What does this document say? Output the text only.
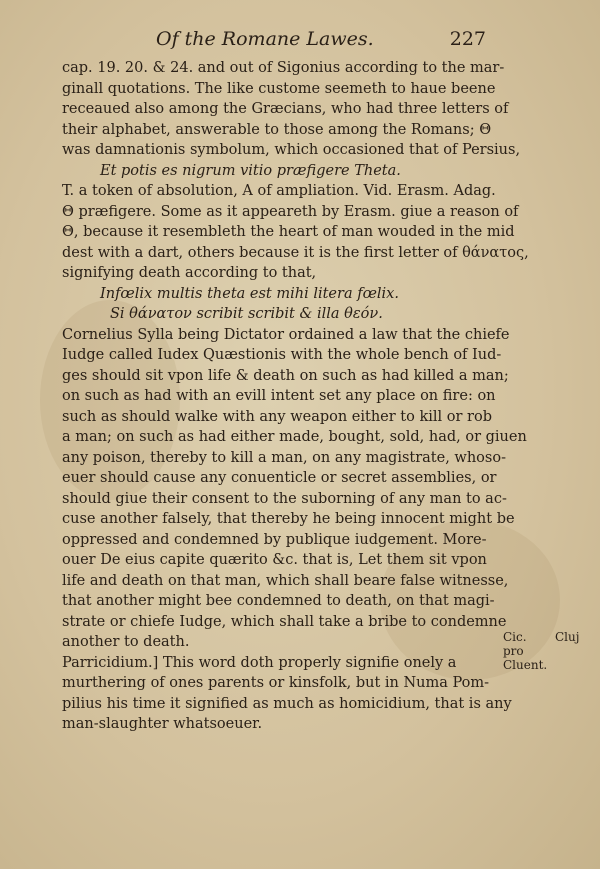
Of the Romane Lawes.	227
cap. 19. 20. & 24. and out of Sigonius according to the mar-
ginall quotations. The like custome seemeth to haue beene
receaued also among the Græcians, who had three letters of
their alphabet, answerable to those among the Romans; Θ
was damnationis symbolum, which occasioned that of Persius,
Et potis es nigrum vitio præfigere Theta.
T. a token of absolution, A of ampliation. Vid. Erasm. Adag.
Θ præfigere. Some as it appeareth by Erasm. giue a reason of
Θ, because it resembleth the heart of man wouded in the mid
dest with a dart, others because it is the first letter of θάνατος,
signifying death according to that,
Infœlix multis theta est mihi litera fœlix.
Si θάνατον scribit scribit & illa θεόν.
Cornelius Sylla being Dictator ordained a law that the chiefe
Iudge called Iudex Quæstionis with the whole bench of Iud-
ges should sit vpon life & death on such as had killed a man;
on such as had with an evill intent set any place on fire: on
such as should walke with any weapon either to kill or rob
a man; on such as had either made, bought, sold, had, or giuen
any poison, thereby to kill a man, on any magistrate, whoso-
euer should cause any conuenticle or secret assemblies, or
should giue their consent to the suborning of any man to ac-
cuse another falsely, that thereby he being innocent might be
oppressed and condemned by publique iudgement. More-
ouer De eius capite quærito &c. that is, Let them sit vpon
life and death on that man, which shall beare false witnesse,
that another might bee condemned to death, on that magi-
strate or chiefe Iudge, which shall take a bribe to condemne
another to death.
Parricidium.] This word doth properly signifie onely a
murthering of ones parents or kinsfolk, but in Numa Pom-
pilius his time it signified as much as homicidium, that is any
man-slaughter whatsoeuer.
Cic. pro Cluent.
Cluj
